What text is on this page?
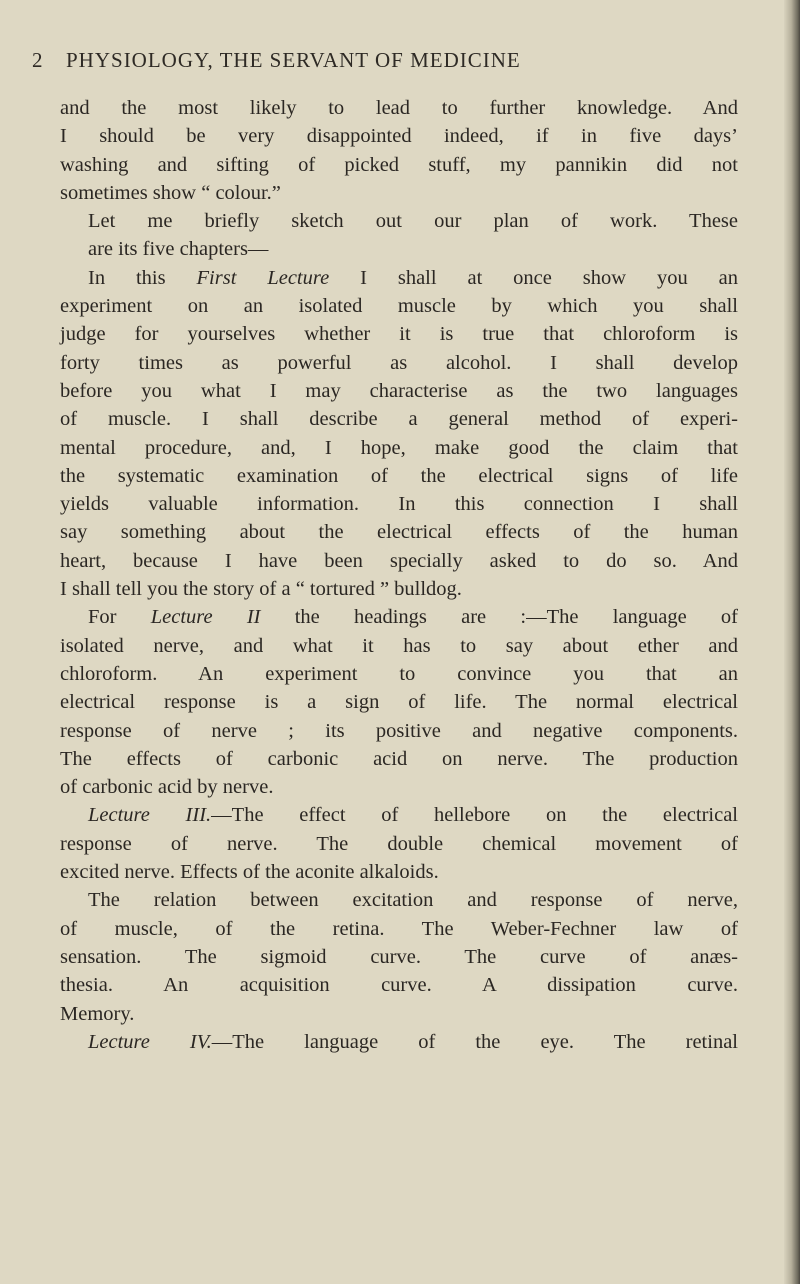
2 PHYSIOLOGY, THE SERVANT OF MEDICINE

and the most likely to lead to further knowledge. And
I should be very disappointed indeed, if in five days’
washing and sifting of picked stuff, my pannikin did not
sometimes show “ colour.”

Let me briefly sketch out our plan of work. These
are its five chapters—

In this First Lecture I shall at once show you an
experiment on an isolated muscle by which you shall
judge for yourselves whether it is true that chloroform is
forty times as powerful as alcohol. I shall develop
before you what I may characterise as the two languages
of muscle. I shall describe a general method of experi-
mental procedure, and, I hope, make good the claim that
the systematic examination of the electrical signs of life
yields valuable information. In this connection I shall
say something about the electrical effects of the human
heart, because I have been specially asked to do so. And
I shall tell you the story of a “ tortured ” bulldog.

For Lecture II the headings are :—The language of
isolated nerve, and what it has to say about ether and
chloroform. An experiment to convince you that an
electrical response is a sign of life. The normal electrical
response of nerve ; its positive and negative components.
The effects of carbonic acid on nerve. The production
of carbonic acid by nerve.

Lecture III.—The effect of hellebore on the electrical
response of nerve. The double chemical movement of
excited nerve. Effects of the aconite alkaloids.

The relation between excitation and response of nerve,
of muscle, of the retina. The Weber-Fechner law of
sensation. The sigmoid curve. The curve of anæs-
thesia. An acquisition curve. A dissipation curve.
Memory.

Lecture IV.—The language of the eye. The retinal
